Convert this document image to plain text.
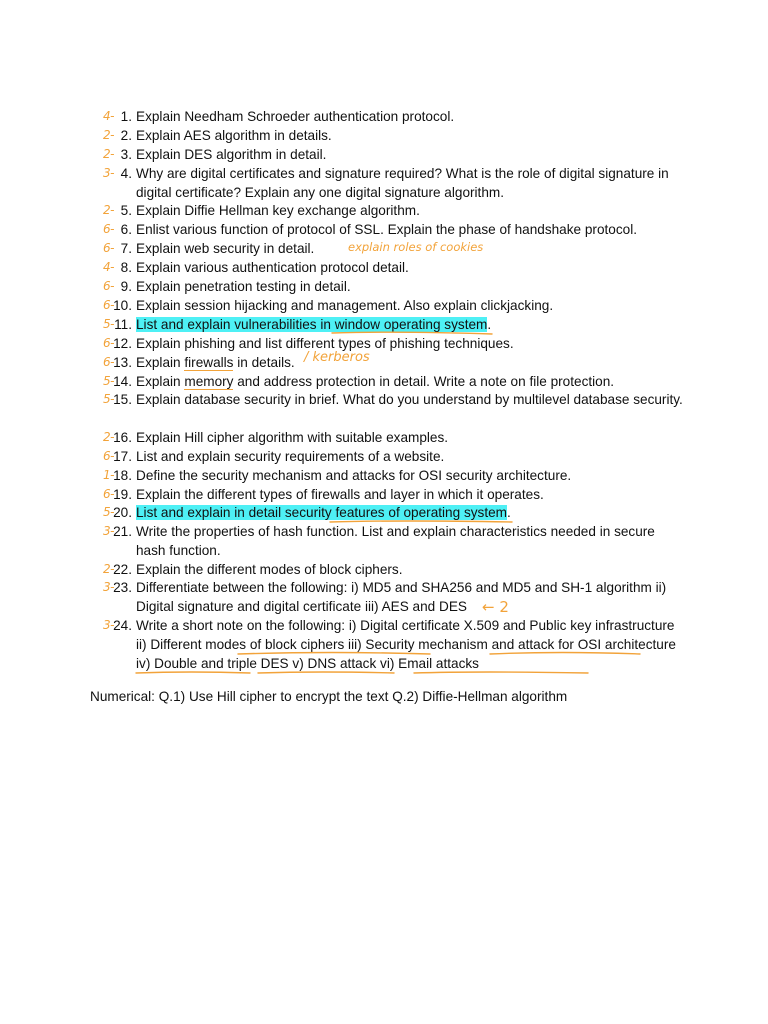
4- 1. Explain Needham Schroeder authentication protocol.
2- 2. Explain AES algorithm in details.
2- 3. Explain DES algorithm in detail.
3- 4. Why are digital certificates and signature required? What is the role of digital signature in digital certificate? Explain any one digital signature algorithm.
2- 5. Explain Diffie Hellman key exchange algorithm.
6- 6. Enlist various function of protocol of SSL. Explain the phase of handshake protocol.
6- 7. Explain web security in detail.	explain roles of cookies
4- 8. Explain various authentication protocol detail.
6- 9. Explain penetration testing in detail.
6- 10. Explain session hijacking and management. Also explain clickjacking.
5- 11. List and explain vulnerabilities in window operating system.
6- 12. Explain phishing and list different types of phishing techniques.
6- 13. Explain firewalls in details. / kerberos
5- 14. Explain memory and address protection in detail. Write a note on file protection.
5- 15. Explain database security in brief. What do you understand by multilevel database security.
2- 16. Explain Hill cipher algorithm with suitable examples.
6- 17. List and explain security requirements of a website.
1- 18. Define the security mechanism and attacks for OSI security architecture.
6- 19. Explain the different types of firewalls and layer in which it operates.
5- 20. List and explain in detail security features of operating system.
3- 21. Write the properties of hash function. List and explain characteristics needed in secure hash function.
2- 22. Explain the different modes of block ciphers.
3- 23. Differentiate between the following: i) MD5 and SHA256 and MD5 and SH-1 algorithm ii) Digital signature and digital certificate iii) AES and DES	← 2
3- 24. Write a short note on the following: i) Digital certificate X.509 and Public key infrastructure ii) Different modes of block ciphers iii) Security mechanism and attack for OSI architecture iv) Double and triple DES v) DNS attack vi) Email attacks
Numerical: Q.1) Use Hill cipher to encrypt the text Q.2) Diffie-Hellman algorithm
